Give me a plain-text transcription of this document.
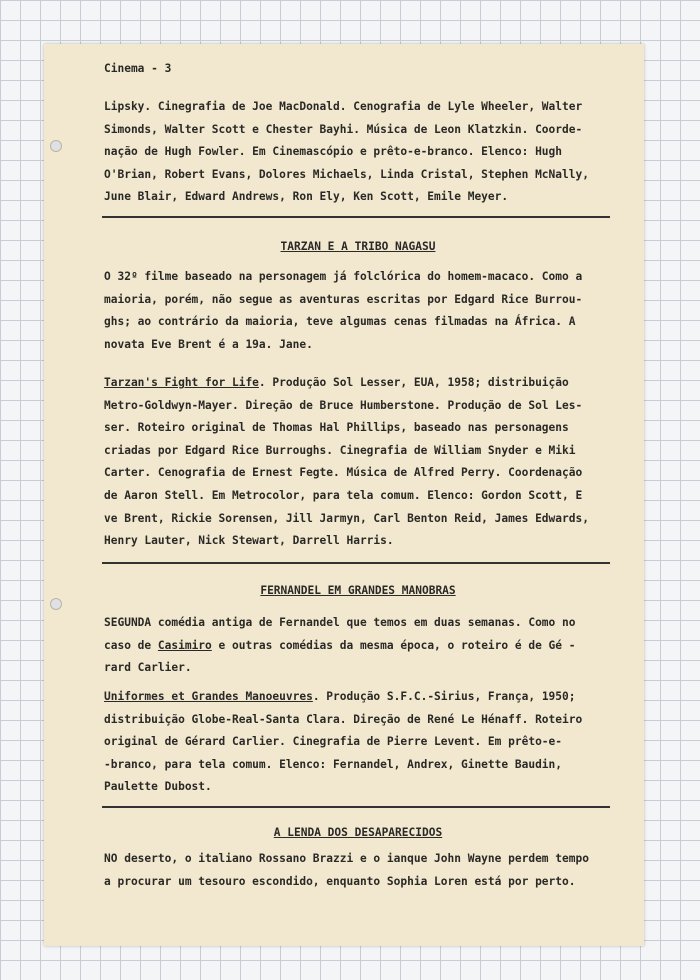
Cinema - 3
Lipsky. Cinegrafia de Joe MacDonald. Cenografia de Lyle Wheeler, Walter
Simonds, Walter Scott e Chester Bayhi. Música de Leon Klatzkin. Coorde-
nação de Hugh Fowler. Em Cinemascópio e prêto-e-branco. Elenco: Hugh
O'Brian, Robert Evans, Dolores Michaels, Linda Cristal, Stephen McNally,
June Blair, Edward Andrews, Ron Ely, Ken Scott, Emile Meyer.
TARZAN E A TRIBO NAGASU
O 32º filme baseado na personagem já folclórica do homem-macaco. Como a
maioria, porém, não segue as aventuras escritas por Edgard Rice Burrou-
ghs; ao contrário da maioria, teve algumas cenas filmadas na África. A
novata Eve Brent é a 19a. Jane.
Tarzan's Fight for Life. Produção Sol Lesser, EUA, 1958; distribuição
Metro-Goldwyn-Mayer. Direção de Bruce Humberstone. Produção de Sol Les-
ser. Roteiro original de Thomas Hal Phillips, baseado nas personagens
criadas por Edgard Rice Burroughs. Cinegrafia de William Snyder e Miki
Carter. Cenografia de Ernest Fegte. Música de Alfred Perry. Coordenação
de Aaron Stell. Em Metrocolor, para tela comum. Elenco: Gordon Scott, E
ve Brent, Rickie Sorensen, Jill Jarmyn, Carl Benton Reid, James Edwards,
Henry Lauter, Nick Stewart, Darrell Harris.
FERNANDEL EM GRANDES MANOBRAS
SEGUNDA comédia antiga de Fernandel que temos em duas semanas. Como no
caso de Casimiro e outras comédias da mesma época, o roteiro é de Gé -
rard Carlier.
Uniformes et Grandes Manoeuvres. Produção S.F.C.-Sirius, França, 1950;
distribuição Globe-Real-Santa Clara. Direção de René Le Hénaff. Roteiro
original de Gérard Carlier. Cinegrafia de Pierre Levent. Em prêto-e-
-branco, para tela comum. Elenco: Fernandel, Andrex, Ginette Baudin,
Paulette Dubost.
A LENDA DOS DESAPARECIDOS
NO deserto, o italiano Rossano Brazzi e o ianque John Wayne perdem tempo
a procurar um tesouro escondido, enquanto Sophia Loren está por perto.
